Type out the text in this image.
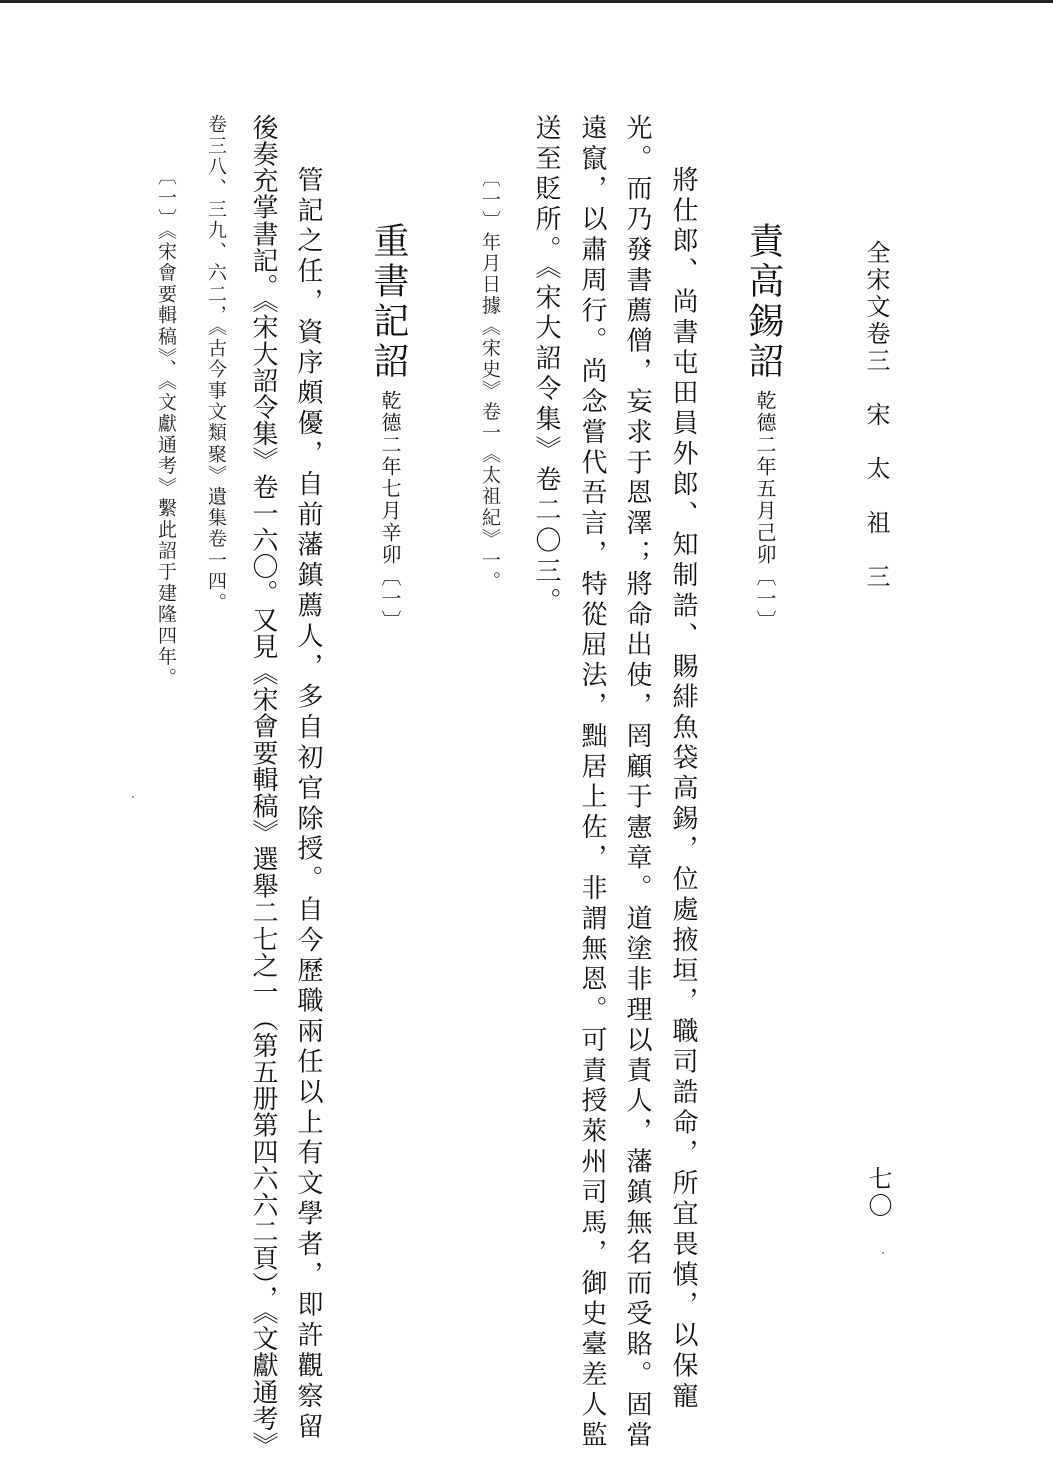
全宋文卷三　宋　太　祖　三
七〇
責高錫詔
乾德二年五月己卯〔一〕
將仕郎、尚書屯田員外郎、知制誥、賜緋魚袋高錫，位處掖垣，職司誥命，所宜畏慎，以保寵
光。而乃發書薦僧，妄求于恩澤；將命出使，罔顧于憲章。道塗非理以責人，藩鎮無名而受賂。固當
遠竄，以肅周行。尚念嘗代吾言，特從屈法，黜居上佐，非謂無恩。可責授萊州司馬，御史臺差人監
送至貶所。《宋大詔令集》卷二〇三。
〔一〕年月日據《宋史》卷一《太祖紀》一。
重書記詔
乾德二年七月辛卯〔一〕
管記之任，資序頗優，自前藩鎮薦人，多自初官除授。自今歷職兩任以上有文學者，即許觀察留
後奏充掌書記。《宋大詔令集》卷一六〇。又見《宋會要輯稿》選舉二七之一（第五册第四六六二頁），《文獻通考》
卷三八、三九、六二，《古今事文類聚》遺集卷一四。
〔一〕《宋會要輯稿》、《文獻通考》繫此詔于建隆四年。
